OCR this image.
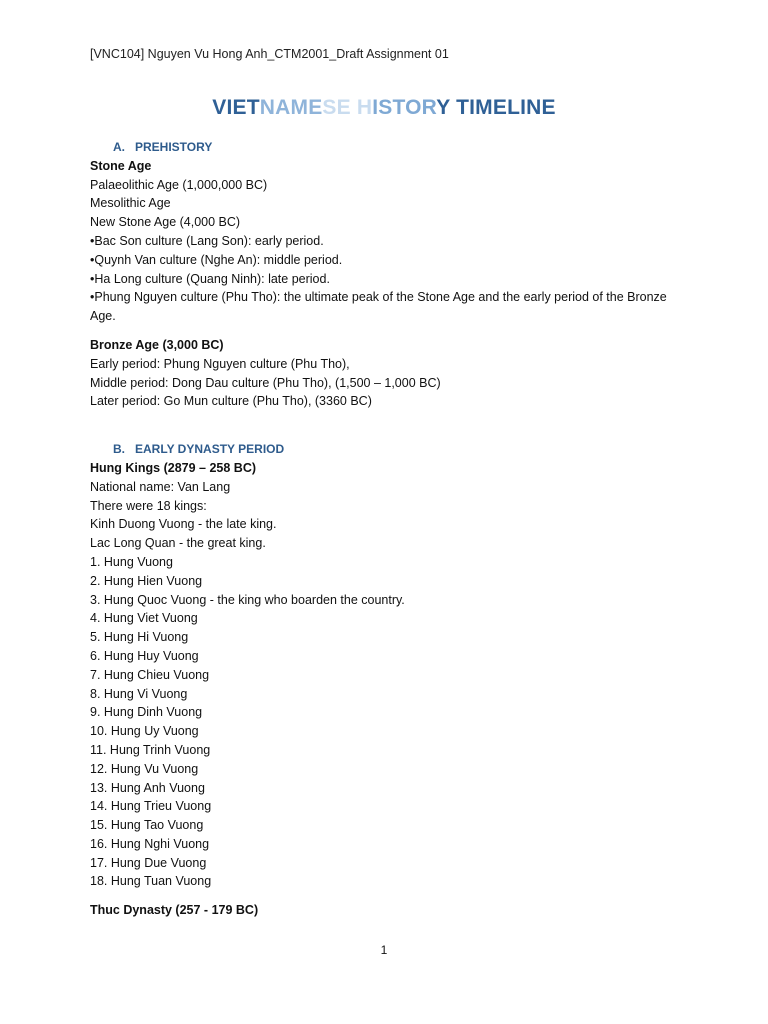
[VNC104] Nguyen Vu Hong Anh_CTM2001_Draft Assignment 01
VIETNAMESE HISTORY TIMELINE
A. PREHISTORY
Stone Age
Palaeolithic Age (1,000,000 BC)
Mesolithic Age
New Stone Age (4,000 BC)
•Bac Son culture (Lang Son): early period.
•Quynh Van culture (Nghe An): middle period.
•Ha Long culture (Quang Ninh): late period.
•Phung Nguyen culture (Phu Tho): the ultimate peak of the Stone Age and the early period of the Bronze Age.
Bronze Age (3,000 BC)
Early period: Phung Nguyen culture (Phu Tho),
Middle period: Dong Dau culture (Phu Tho), (1,500 – 1,000 BC)
Later period: Go Mun culture (Phu Tho), (3360 BC)
B. EARLY DYNASTY PERIOD
Hung Kings (2879 – 258 BC)
National name: Van Lang
There were 18 kings:
Kinh Duong Vuong - the late king.
Lac Long Quan - the great king.
1. Hung Vuong
2. Hung Hien Vuong
3. Hung Quoc Vuong - the king who boarden the country.
4. Hung Viet Vuong
5. Hung Hi Vuong
6. Hung Huy Vuong
7. Hung Chieu Vuong
8. Hung Vi Vuong
9. Hung Dinh Vuong
10. Hung Uy Vuong
11. Hung Trinh Vuong
12. Hung Vu Vuong
13. Hung Anh Vuong
14. Hung Trieu Vuong
15. Hung Tao Vuong
16. Hung Nghi Vuong
17. Hung Due Vuong
18. Hung Tuan Vuong
Thuc Dynasty (257 - 179 BC)
1
